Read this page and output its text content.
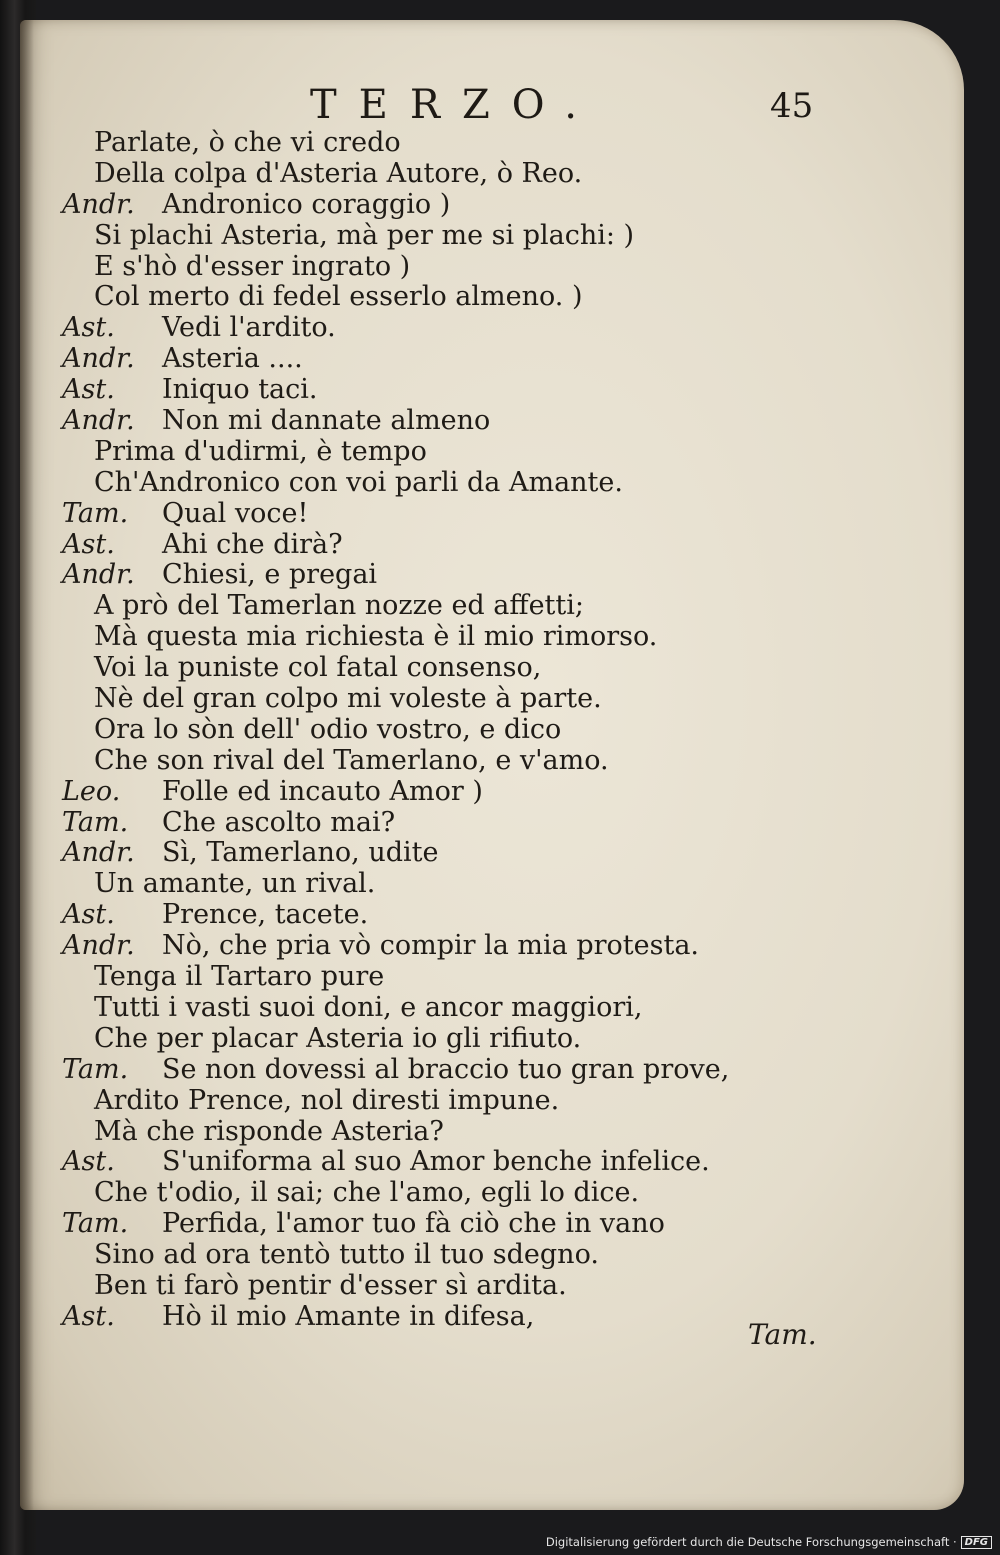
TERZO.	45
Parlate, ò che vi credo
Della colpa d'Asteria Autore, ò Reo.
Andr. Andronico coraggio )
Si plachi Asteria, mà per me si plachi: )
E s'hò d'esser ingrato )
Col merto di fedel esserlo almeno. )
Ast. Vedi l'ardito.
Andr. Asteria ....
Ast. Iniquo taci.
Andr. Non mi dannate almeno
Prima d'udirmi, è tempo
Ch'Andronico con voi parli da Amante.
Tam. Qual voce!
Ast. Ahi che dirà?
Andr. Chiesi, e pregai
A prò del Tamerlan nozze ed affetti;
Mà questa mia richiesta è il mio rimorso.
Voi la puniste col fatal consenso,
Nè del gran colpo mi voleste à parte.
Ora lo sòn dell' odio vostro, e dico
Che son rival del Tamerlano, e v'amo.
Leo. Folle ed incauto Amor )
Tam. Che ascolto mai?
Andr. Sì, Tamerlano, udite
Un amante, un rival.
Ast. Prence, tacete.
Andr. Nò, che pria vò compir la mia protesta.
Tenga il Tartaro pure
Tutti i vasti suoi doni, e ancor maggiori,
Che per placar Asteria io gli rifiuto.
Tam. Se non dovessi al braccio tuo gran prove,
Ardito Prence, nol diresti impune.
Mà che risponde Asteria?
Ast. S'uniforma al suo Amor benche infelice.
Che t'odio, il sai; che l'amo, egli lo dice.
Tam. Perfida, l'amor tuo fà ciò che in vano
Sino ad ora tentò tutto il tuo sdegno.
Ben ti farò pentir d'esser sì ardita.
Ast. Hò il mio Amante in difesa,
Tam.
Digitalisierung gefördert durch die Deutsche Forschungsgemeinschaft · DFG
